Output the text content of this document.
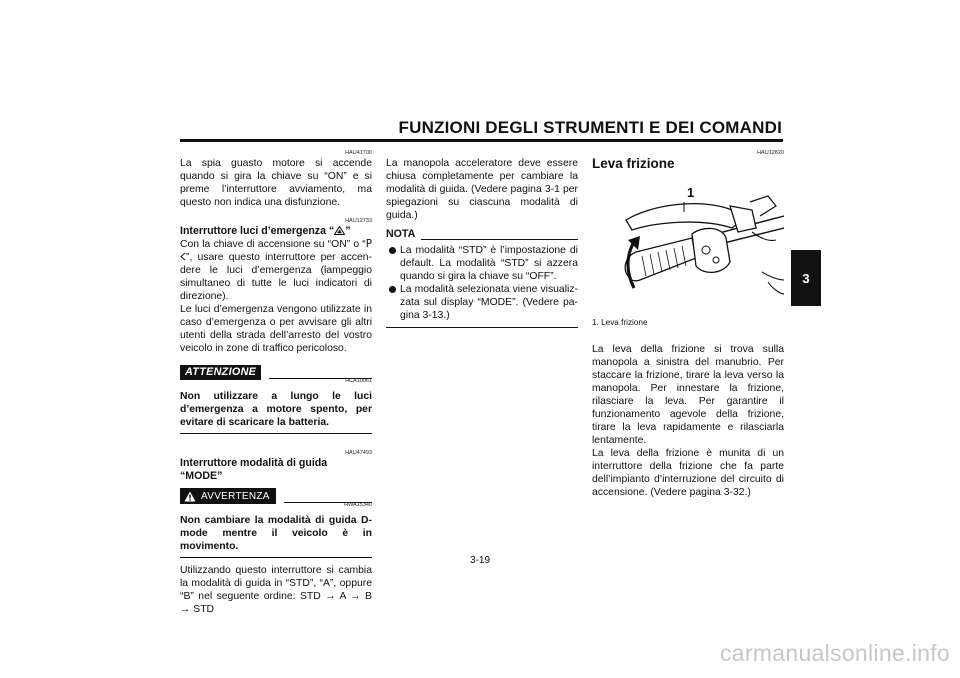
FUNZIONI DEGLI STRUMENTI E DEI COMANDI
3
HAU41700

La spia guasto motore si accende quando si gira la chiave su “ON” e si preme l’interruttore avviamento, ma questo non indica una disfunzione.

HAU12733

Interruttore luci d’emergenza “ ”

Con la chiave di accensione su “ON” o “P”, usare questo interruttore per accendere le luci d’emergenza (lampeggio simultaneo di tutte le luci indicatori di direzione).

Le luci d’emergenza vengono utilizzate in caso d’emergenza o per avvisare gli altri utenti della strada dell’arresto del vostro veicolo in zone di traffico pericoloso.

ATTENZIONE
HCA10061

Non utilizzare a lungo le luci d’emergenza a motore spento, per evitare di scaricare la batteria.

HAU47493

Interruttore modalità di guida “MODE”

AVVERTENZA
HWA15340

Non cambiare la modalità di guida D-mode mentre il veicolo è in movimento.

Utilizzando questo interruttore si cambia la modalità di guida in “STD”, “A”, oppure “B” nel seguente ordine: STD → A → B → STD

La manopola acceleratore deve essere chiusa completamente per cambiare la modalità di guida. (Vedere pagina 3-1 per spiegazioni su ciascuna modalità di guida.)

NOTA
La modalità “STD” è l’impostazione di default. La modalità “STD” si azzera quando si gira la chiave su “OFF”.
La modalità selezionata viene visualizzata sul display “MODE”. (Vedere pagina 3-13.)
HAU12820

Leva frizione

1
1. Leva frizione

La leva della frizione si trova sulla manopola a sinistra del manubrio. Per staccare la frizione, tirare la leva verso la manopola. Per innestare la frizione, rilasciare la leva. Per garantire il funzionamento agevole della frizione, tirare la leva rapidamente e rilasciarla lentamente.

La leva della frizione è munita di un interruttore della frizione che fa parte dell’impianto d’interruzione del circuito di accensione. (Vedere pagina 3-32.)

3-19
carmanualsonline.info
